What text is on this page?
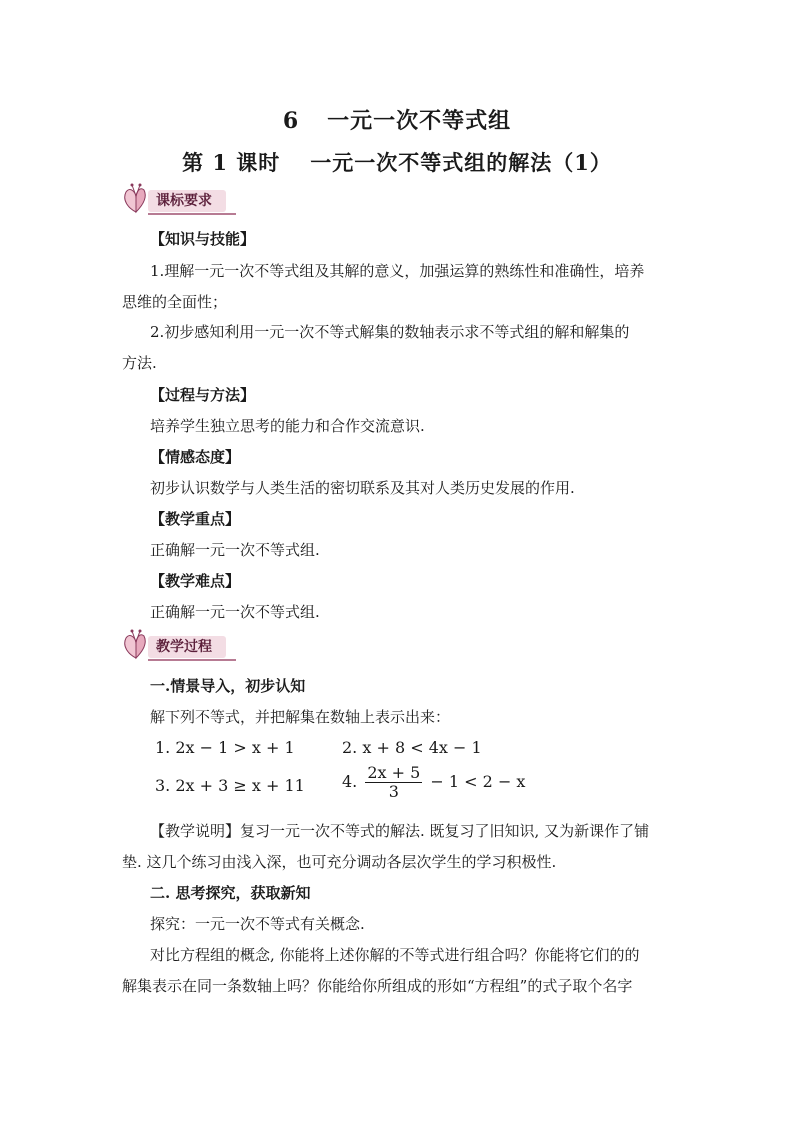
6 一元一次不等式组
第 1 课时 一元一次不等式组的解法（1）
课标要求
【知识与技能】
1.理解一元一次不等式组及其解的意义，加强运算的熟练性和准确性，培养
思维的全面性；
2.初步感知利用一元一次不等式解集的数轴表示求不等式组的解和解集的
方法.
【过程与方法】
培养学生独立思考的能力和合作交流意识.
【情感态度】
初步认识数学与人类生活的密切联系及其对人类历史发展的作用.
【教学重点】
正确解一元一次不等式组.
【教学难点】
正确解一元一次不等式组.
教学过程
一.情景导入，初步认知
解下列不等式，并把解集在数轴上表示出来：
1. 2x − 1 > x + 1	2. x + 8 < 4x − 1
3. 2x + 3 ≥ x + 11 4. $\frac{2x + 5}{3} - 1 < 2 - x$
【教学说明】复习一元一次不等式的解法. 既复习了旧知识, 又为新课作了铺
垫. 这几个练习由浅入深，也可充分调动各层次学生的学习积极性.
二. 思考探究，获取新知
探究：一元一次不等式有关概念.
对比方程组的概念, 你能将上述你解的不等式进行组合吗？你能将它们的的
解集表示在同一条数轴上吗？你能给你所组成的形如“方程组”的式子取个名字
